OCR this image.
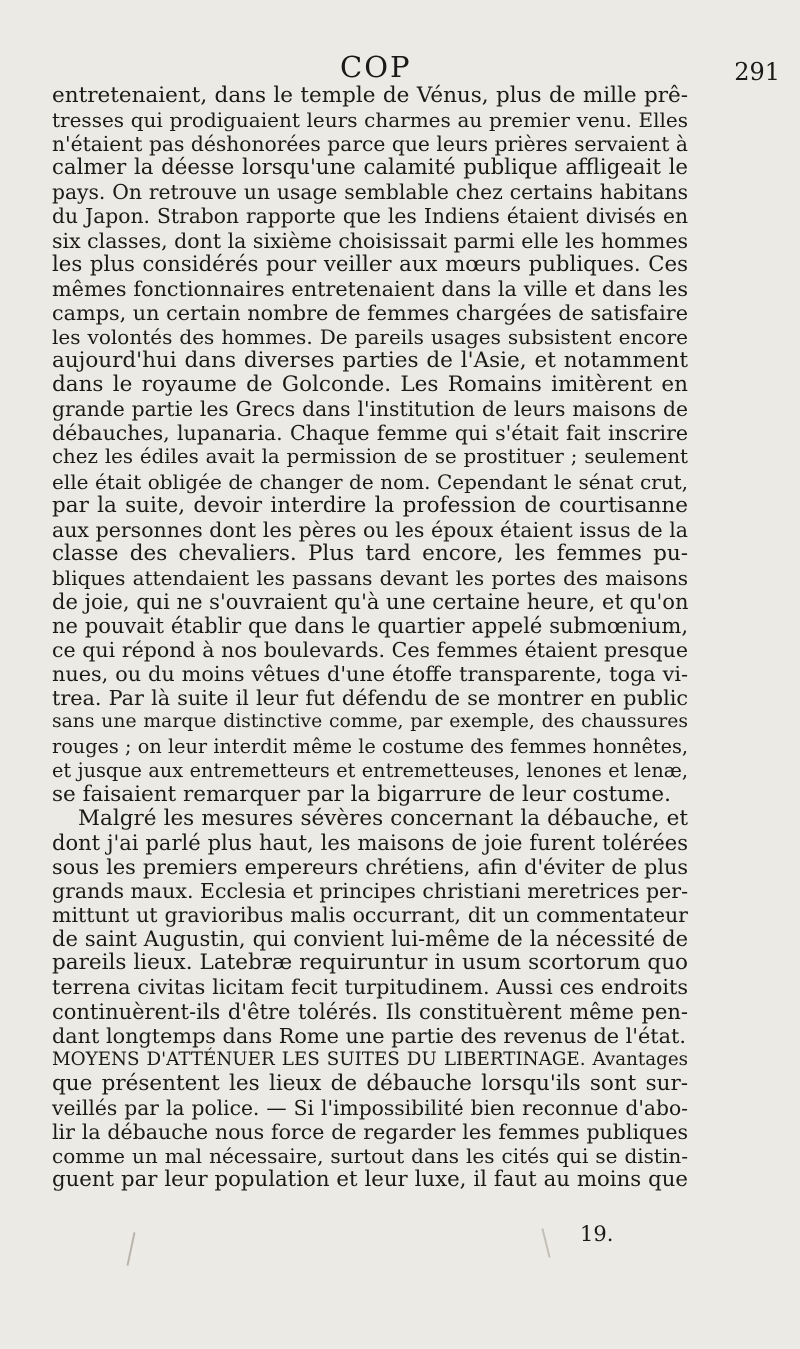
COP	291

entretenaient, dans le temple de Vénus, plus de mille prê-
tresses qui prodiguaient leurs charmes au premier venu. Elles
n'étaient pas déshonorées parce que leurs prières servaient à
calmer la déesse lorsqu'une calamité publique affligeait le
pays. On retrouve un usage semblable chez certains habitans
du Japon. Strabon rapporte que les Indiens étaient divisés en
six classes, dont la sixième choisissait parmi elle les hommes
les plus considérés pour veiller aux mœurs publiques. Ces
mêmes fonctionnaires entretenaient dans la ville et dans les
camps, un certain nombre de femmes chargées de satisfaire
les volontés des hommes. De pareils usages subsistent encore
aujourd'hui dans diverses parties de l'Asie, et notamment
dans le royaume de Golconde. Les Romains imitèrent en
grande partie les Grecs dans l'institution de leurs maisons de
débauches, lupanaria. Chaque femme qui s'était fait inscrire
chez les édiles avait la permission de se prostituer ; seulement
elle était obligée de changer de nom. Cependant le sénat crut,
par la suite, devoir interdire la profession de courtisanne
aux personnes dont les pères ou les époux étaient issus de la
classe des chevaliers. Plus tard encore, les femmes pu-
bliques attendaient les passans devant les portes des maisons
de joie, qui ne s'ouvraient qu'à une certaine heure, et qu'on
ne pouvait établir que dans le quartier appelé submœnium,
ce qui répond à nos boulevards. Ces femmes étaient presque
nues, ou du moins vêtues d'une étoffe transparente, toga vi-
trea. Par là suite il leur fut défendu de se montrer en public
sans une marque distinctive comme, par exemple, des chaussures
rouges ; on leur interdit même le costume des femmes honnêtes,
et jusque aux entremetteurs et entremetteuses, lenones et lenæ,
se faisaient remarquer par la bigarrure de leur costume.

Malgré les mesures sévères concernant la débauche, et
dont j'ai parlé plus haut, les maisons de joie furent tolérées
sous les premiers empereurs chrétiens, afin d'éviter de plus
grands maux. Ecclesia et principes christiani meretrices per-
mittunt ut gravioribus malis occurrant, dit un commentateur
de saint Augustin, qui convient lui-même de la nécessité de
pareils lieux. Latebræ requiruntur in usum scortorum quo
terrena civitas licitam fecit turpitudinem. Aussi ces endroits
continuèrent-ils d'être tolérés. Ils constituèrent même pen-
dant longtemps dans Rome une partie des revenus de l'état.

MOYENS D'ATTÉNUER LES SUITES DU LIBERTINAGE. Avantages
que présentent les lieux de débauche lorsqu'ils sont sur-
veillés par la police. — Si l'impossibilité bien reconnue d'abo-
lir la débauche nous force de regarder les femmes publiques
comme un mal nécessaire, surtout dans les cités qui se distin-
guent par leur population et leur luxe, il faut au moins que

19.
